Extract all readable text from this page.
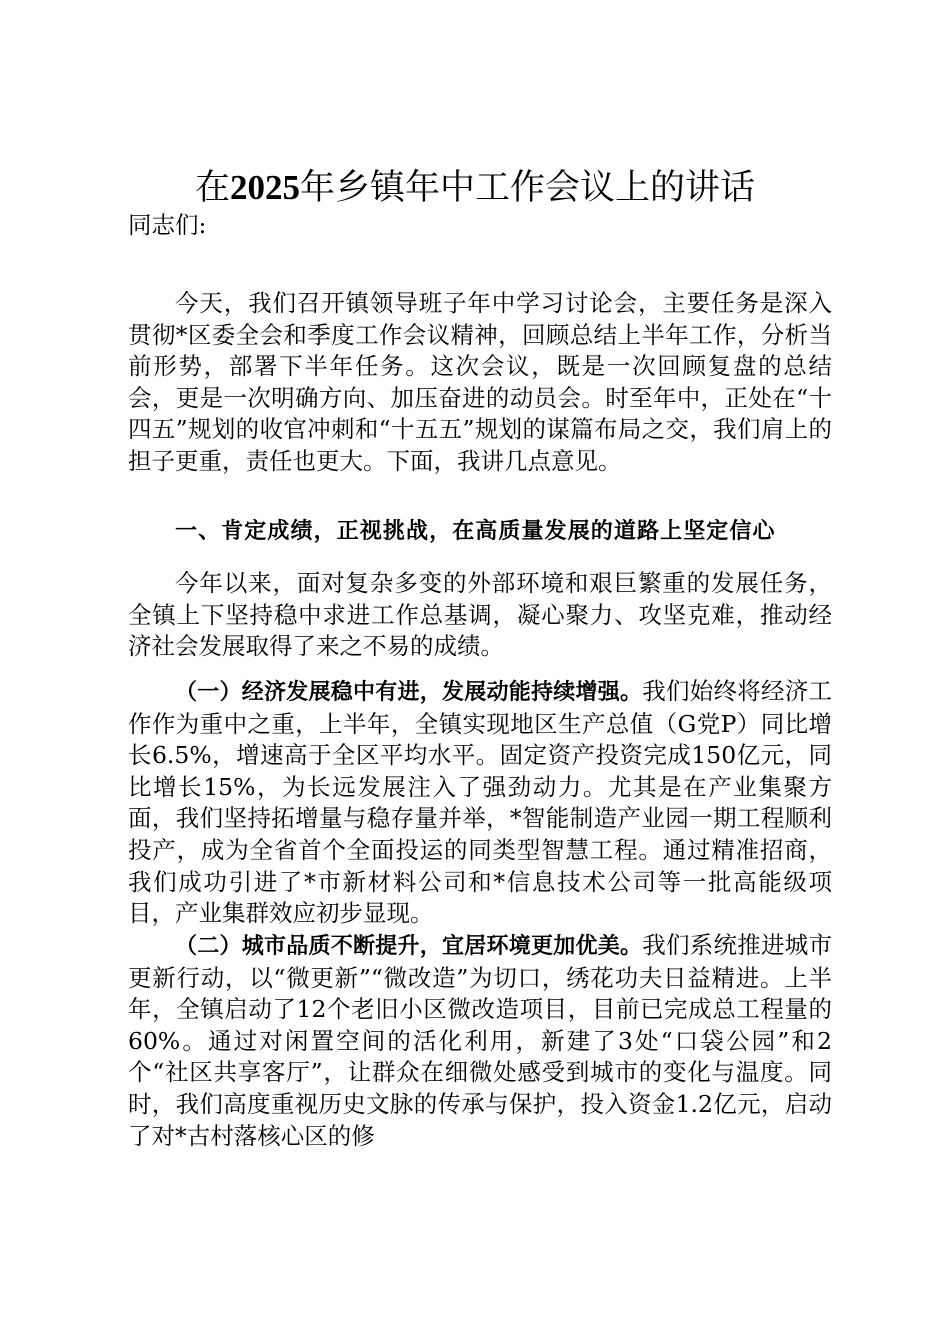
在2025年乡镇年中工作会议上的讲话

同志们:

今天，我们召开镇领导班子年中学习讨论会，主要任务是深入贯彻*区委全会和季度工作会议精神，回顾总结上半年工作，分析当前形势，部署下半年任务。这次会议，既是一次回顾复盘的总结会，更是一次明确方向、加压奋进的动员会。时至年中，正处在“十四五”规划的收官冲刺和“十五五”规划的谋篇布局之交，我们肩上的担子更重，责任也更大。下面，我讲几点意见。

一、肯定成绩，正视挑战，在高质量发展的道路上坚定信心

今年以来，面对复杂多变的外部环境和艰巨繁重的发展任务，全镇上下坚持稳中求进工作总基调，凝心聚力、攻坚克难，推动经济社会发展取得了来之不易的成绩。

（一）经济发展稳中有进，发展动能持续增强。我们始终将经济工作作为重中之重，上半年，全镇实现地区生产总值（G党P）同比增长6.5%，增速高于全区平均水平。固定资产投资完成150亿元，同比增长15%，为长远发展注入了强劲动力。尤其是在产业集聚方面，我们坚持拓增量与稳存量并举，*智能制造产业园一期工程顺利投产，成为全省首个全面投运的同类型智慧工程。通过精准招商，我们成功引进了*市新材料公司和*信息技术公司等一批高能级项目，产业集群效应初步显现。

（二）城市品质不断提升，宜居环境更加优美。我们系统推进城市更新行动，以“微更新”“微改造”为切口，绣花功夫日益精进。上半年，全镇启动了12个老旧小区微改造项目，目前已完成总工程量的60%。通过对闲置空间的活化利用，新建了3处“口袋公园”和2个“社区共享客厅”，让群众在细微处感受到城市的变化与温度。同时，我们高度重视历史文脉的传承与保护，投入资金1.2亿元，启动了对*古村落核心区的修
